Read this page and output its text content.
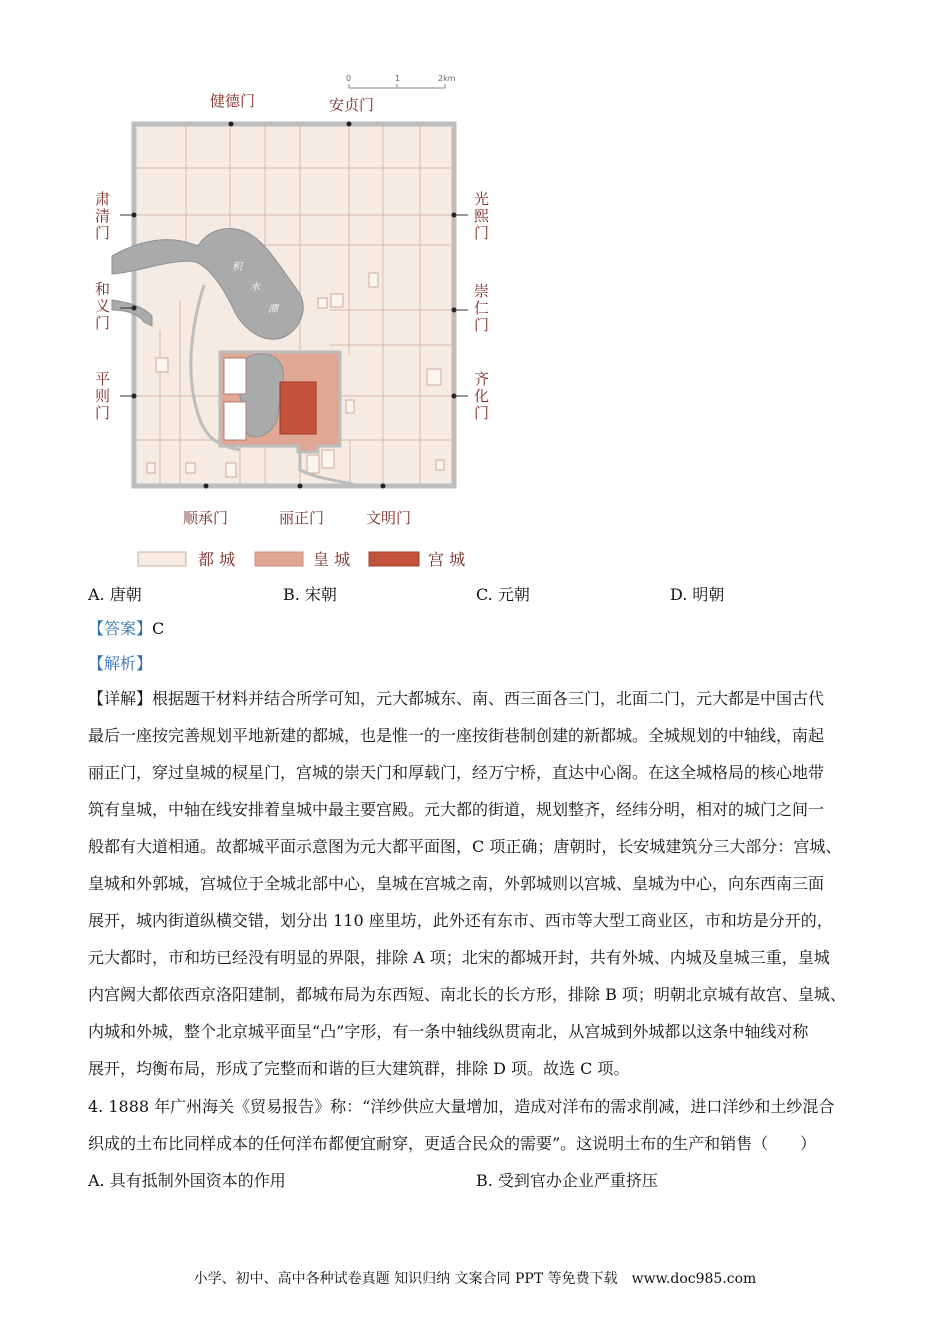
0	1	2km
积
水
潭
健德门	安贞门
顺承门	丽正门	文明门
肃
清
门
和
义
门
平
则
门
光
熙
门
崇
仁
门
齐
化
门
都 城	皇 城	宫 城
A. 唐朝	B. 宋朝	C. 元朝	D. 明朝
【答案】C
【解析】
【详解】根据题干材料并结合所学可知，元大都城东、南、西三面各三门，北面二门，元大都是中国古代
最后一座按完善规划平地新建的都城，也是惟一的一座按街巷制创建的新都城。全城规划的中轴线，南起
丽正门，穿过皇城的棂星门，宫城的崇天门和厚载门，经万宁桥，直达中心阁。在这全城格局的核心地带
筑有皇城，中轴在线安排着皇城中最主要宫殿。元大都的街道，规划整齐，经纬分明，相对的城门之间一
般都有大道相通。故都城平面示意图为元大都平面图，C 项正确；唐朝时，长安城建筑分三大部分：宫城、
皇城和外郭城，宫城位于全城北部中心，皇城在宫城之南，外郭城则以宫城、皇城为中心，向东西南三面
展开，城内街道纵横交错，划分出 110 座里坊，此外还有东市、西市等大型工商业区，市和坊是分开的，
元大都时，市和坊已经没有明显的界限，排除 A 项；北宋的都城开封，共有外城、内城及皇城三重，皇城
内宫阙大都依西京洛阳建制，都城布局为东西短、南北长的长方形，排除 B 项；明朝北京城有故宫、皇城、
内城和外城，整个北京城平面呈“凸”字形，有一条中轴线纵贯南北，从宫城到外城都以这条中轴线对称
展开，均衡布局，形成了完整而和谐的巨大建筑群，排除 D 项。故选 C 项。
4. 1888 年广州海关《贸易报告》称：“洋纱供应大量增加，造成对洋布的需求削减，进口洋纱和土纱混合
织成的土布比同样成本的任何洋布都便宜耐穿，更适合民众的需要”。这说明土布的生产和销售（　　）
A. 具有抵制外国资本的作用	B. 受到官办企业严重挤压
小学、初中、高中各种试卷真题 知识归纳 文案合同 PPT 等免费下载 www.doc985.com
